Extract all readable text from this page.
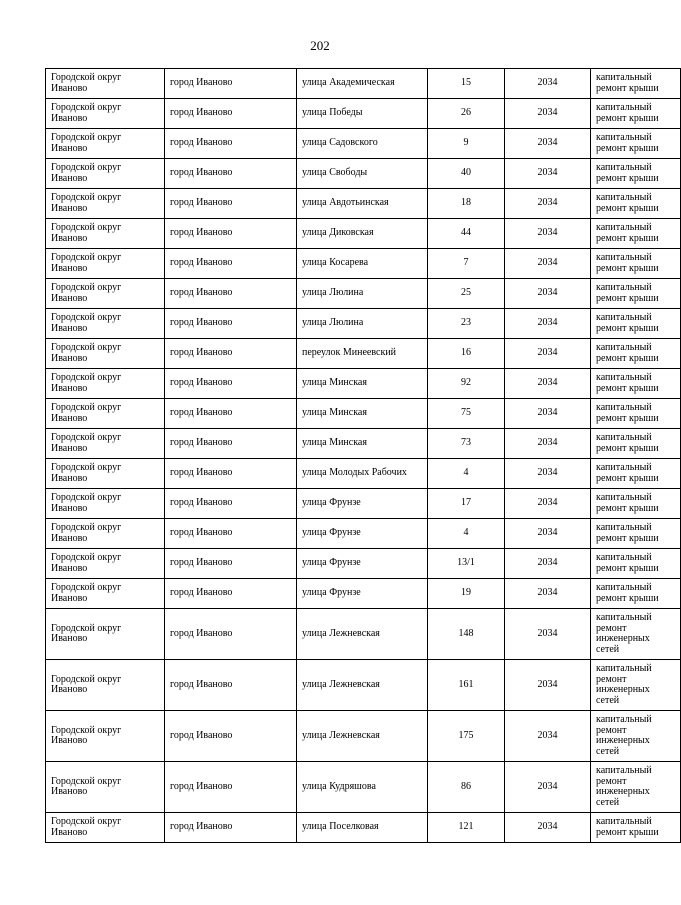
202
Городской округ Иваново	город Иваново	улица Академическая	15	2034	капитальный ремонт крыши
Городской округ Иваново	город Иваново	улица Победы	26	2034	капитальный ремонт крыши
Городской округ Иваново	город Иваново	улица Садовского	9	2034	капитальный ремонт крыши
Городской округ Иваново	город Иваново	улица Свободы	40	2034	капитальный ремонт крыши
Городской округ Иваново	город Иваново	улица Авдотьинская	18	2034	капитальный ремонт крыши
Городской округ Иваново	город Иваново	улица Диковская	44	2034	капитальный ремонт крыши
Городской округ Иваново	город Иваново	улица Косарева	7	2034	капитальный ремонт крыши
Городской округ Иваново	город Иваново	улица Люлина	25	2034	капитальный ремонт крыши
Городской округ Иваново	город Иваново	улица Люлина	23	2034	капитальный ремонт крыши
Городской округ Иваново	город Иваново	переулок Минеевский	16	2034	капитальный ремонт крыши
Городской округ Иваново	город Иваново	улица Минская	92	2034	капитальный ремонт крыши
Городской округ Иваново	город Иваново	улица Минская	75	2034	капитальный ремонт крыши
Городской округ Иваново	город Иваново	улица Минская	73	2034	капитальный ремонт крыши
Городской округ Иваново	город Иваново	улица Молодых Рабочих	4	2034	капитальный ремонт крыши
Городской округ Иваново	город Иваново	улица Фрунзе	17	2034	капитальный ремонт крыши
Городской округ Иваново	город Иваново	улица Фрунзе	4	2034	капитальный ремонт крыши
Городской округ Иваново	город Иваново	улица Фрунзе	13/1	2034	капитальный ремонт крыши
Городской округ Иваново	город Иваново	улица Фрунзе	19	2034	капитальный ремонт крыши
Городской округ Иваново	город Иваново	улица Лежневская	148	2034	капитальный ремонт инженерных сетей
Городской округ Иваново	город Иваново	улица Лежневская	161	2034	капитальный ремонт инженерных сетей
Городской округ Иваново	город Иваново	улица Лежневская	175	2034	капитальный ремонт инженерных сетей
Городской округ Иваново	город Иваново	улица Кудряшова	86	2034	капитальный ремонт инженерных сетей
Городской округ Иваново	город Иваново	улица Поселковая	121	2034	капитальный ремонт крыши
